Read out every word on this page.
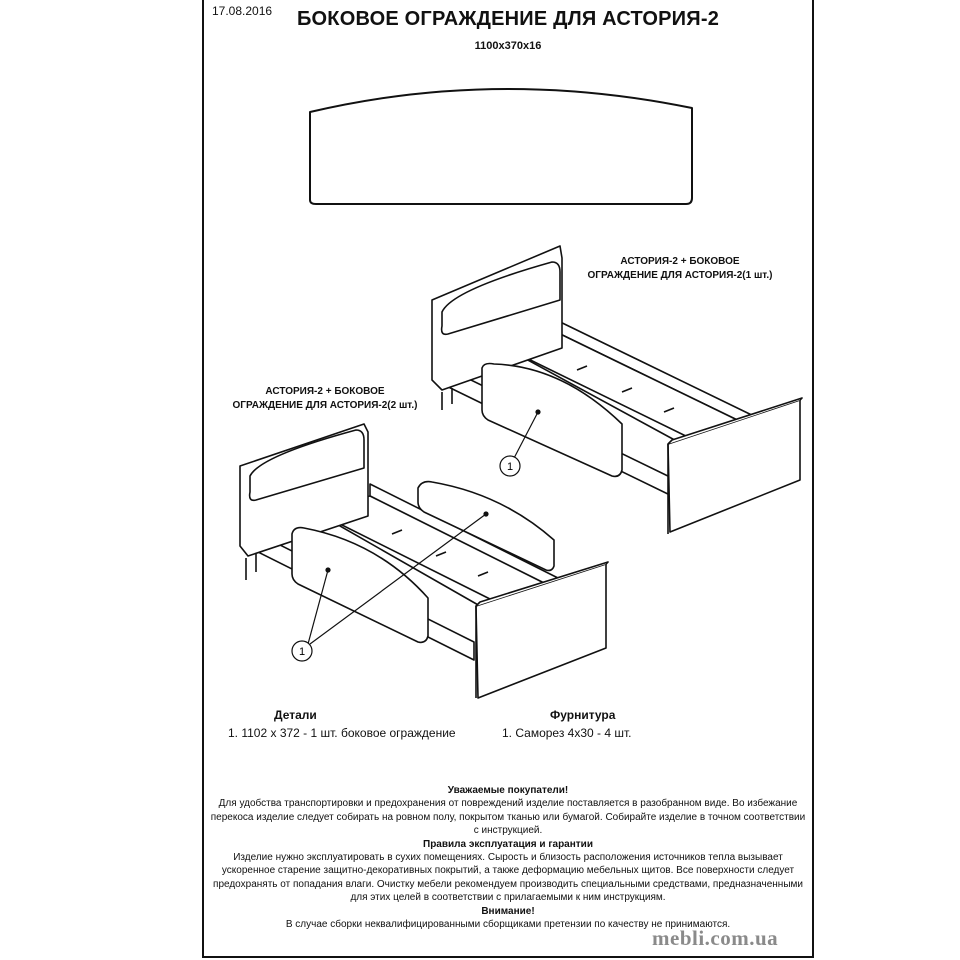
17.08.2016	БОКОВОЕ ОГРАЖДЕНИЕ ДЛЯ АСТОРИЯ-2
1100x370x16
1
1
АСТОРИЯ-2 + БОКОВОЕ
ОГРАЖДЕНИЕ ДЛЯ АСТОРИЯ-2(1 шт.)
АСТОРИЯ-2 + БОКОВОЕ
ОГРАЖДЕНИЕ ДЛЯ АСТОРИЯ-2(2 шт.)
Детали
1. 1102 x 372 - 1 шт. боковое ограждение
Фурнитура
1. Саморез 4х30 - 4 шт.
Уважаемые покупатели!
Для удобства транспортировки и предохранения от повреждений изделие поставляется в разобранном виде. Во избежание перекоса изделие следует собирать на ровном полу, покрытом тканью или бумагой. Собирайте изделие в точном соответствии с инструкцией.
Правила эксплуатация и гарантии
Изделие нужно эксплуатировать в сухих помещениях. Сырость и близость расположения источников тепла вызывает ускоренное старение защитно-декоративных покрытий, а также деформацию мебельных щитов. Все поверхности следует предохранять от попадания влаги. Очистку мебели рекомендуем производить специальными средствами, предназначенными для этих целей в соответствии с прилагаемыми к ним инструкциям.
Внимание!
В случае сборки неквалифицированными сборщиками претензии по качеству не принимаются.
mebli.com.ua
